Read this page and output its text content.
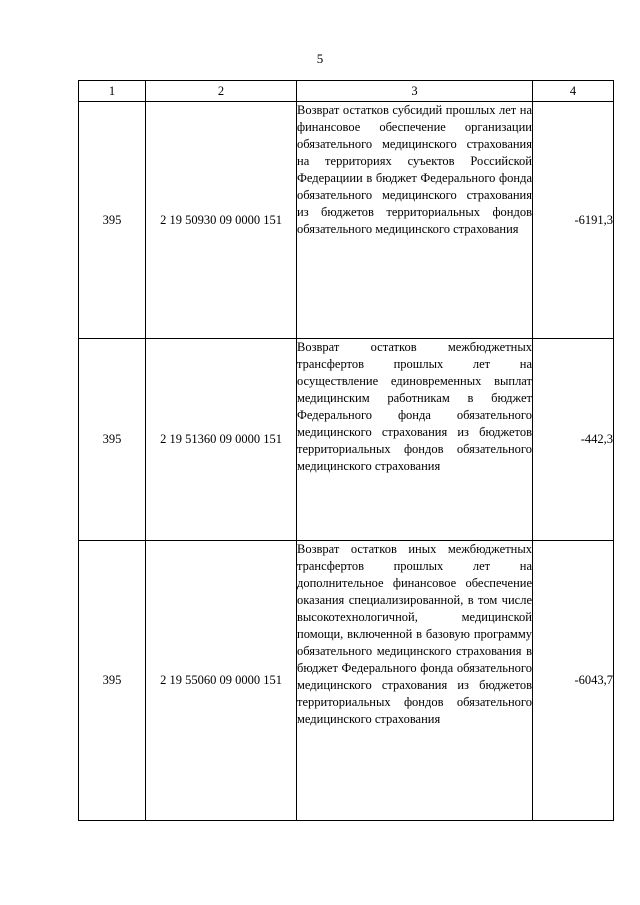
5
1	2	3	4
395	2 19 50930 09 0000 151	Возврат остатков субсидий прошлых лет на финансовое обеспечение организации обязательного медицинского страхования на территориях суъектов Российской Федерациии в бюджет Федерального фонда обязательного медицинского страхования из бюджетов территориальных фондов обязательного медицинского страхования	-6191,3
395	2 19 51360 09 0000 151	Возврат остатков межбюджетных трансфертов прошлых лет на осуществление единовременных выплат медицинским работникам в бюджет Федерального фонда обязательного медицинского страхования из бюджетов территориальных фондов обязательного медицинского страхования	-442,3
395	2 19 55060 09 0000 151	Возврат остатков иных межбюджетных трансфертов прошлых лет на дополнительное финансовое обеспечение оказания специализированной, в том числе высокотехнологичной, медицинской помощи, включенной в базовую программу обязательного медицинского страхования в бюджет Федерального фонда обязательного медицинского страхования из бюджетов территориальных фондов обязательного медицинского страхования	-6043,7
